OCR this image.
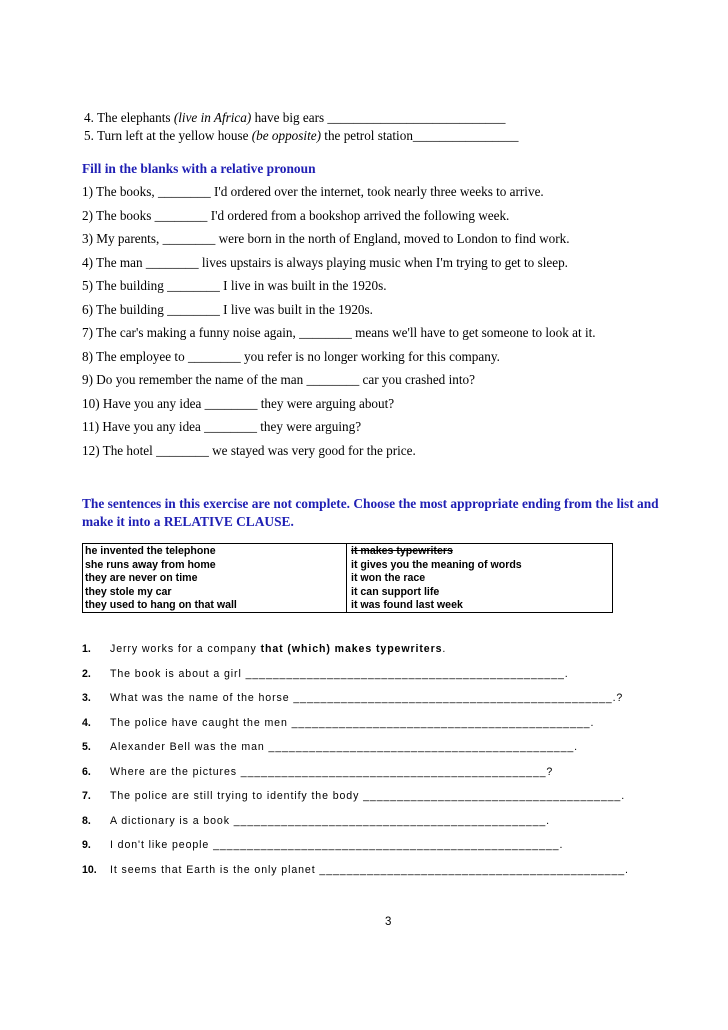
4. The elephants (live in Africa) have big ears ___________________________
5. Turn left at the yellow house (be opposite) the petrol station________________
Fill in the blanks with a relative pronoun
1) The books, ________ I'd ordered over the internet, took nearly three weeks to arrive.
2) The books ________ I'd ordered from a bookshop arrived the following week.
3) My parents, ________ were born in the north of England, moved to London to find work.
4) The man ________ lives upstairs is always playing music when I'm trying to get to sleep.
5) The building ________ I live in was built in the 1920s.
6) The building ________ I live was built in the 1920s.
7) The car's making a funny noise again, ________ means we'll have to get someone to look at it.
8) The employee to ________ you refer is no longer working for this company.
9) Do you remember the name of the man ________ car you crashed into?
10) Have you any idea ________ they were arguing about?
11) Have you any idea ________ they were arguing?
12) The hotel ________ we stayed was very good for the price.
The sentences in this exercise are not complete. Choose the most appropriate ending from the list and make it into a RELATIVE CLAUSE.
he invented the telephone
she runs away from home
they are never on time
they stole my car
they used to hang on that wall
it makes typewriters
it gives you the meaning of words
it won the race
it can support life
it was found last week
1. Jerry works for a company that (which) makes typewriters.
2. The book is about a girl _______________________________________________.
3. What was the name of the horse _______________________________________________.?
4. The police have caught the men ____________________________________________.
5. Alexander Bell was the man _____________________________________________.
6. Where are the pictures _____________________________________________?
7. The police are still trying to identify the body ______________________________________.
8. A dictionary is a book ______________________________________________.
9. I don't like people ___________________________________________________.
10. It seems that Earth is the only planet _____________________________________________.
3
